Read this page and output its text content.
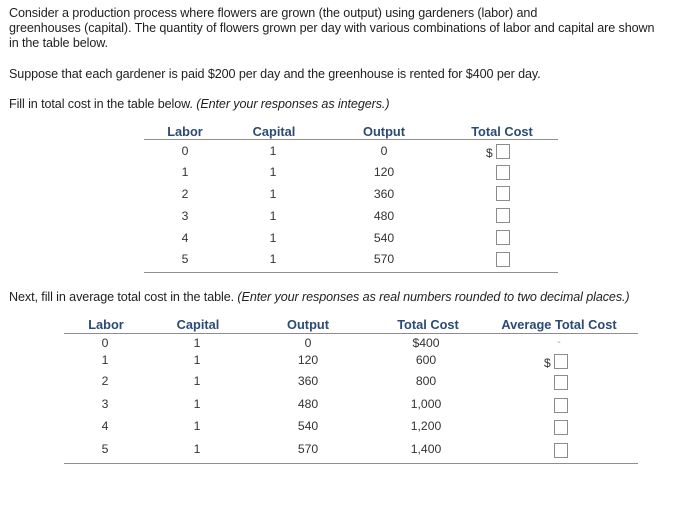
Consider a production process where flowers are grown (the output) using gardeners (labor) and
greenhouses (capital). The quantity of flowers grown per day with various combinations of labor and capital are shown
in the table below.
Suppose that each gardener is paid $200 per day and the greenhouse is rented for $400 per day.
Fill in total cost in the table below. (Enter your responses as integers.)
Labor	Capital	Output	Total Cost
0	1	0	$
1	1	120
2	1	360
3	1	480
4	1	540
5	1	570
Next, fill in average total cost in the table. (Enter your responses as real numbers rounded to two decimal places.)
Labor	Capital	Output	Total Cost	Average Total Cost
0	1	0	$400	-
1	1	120	600	$
2	1	360	800
3	1	480	1,000
4	1	540	1,200
5	1	570	1,400
